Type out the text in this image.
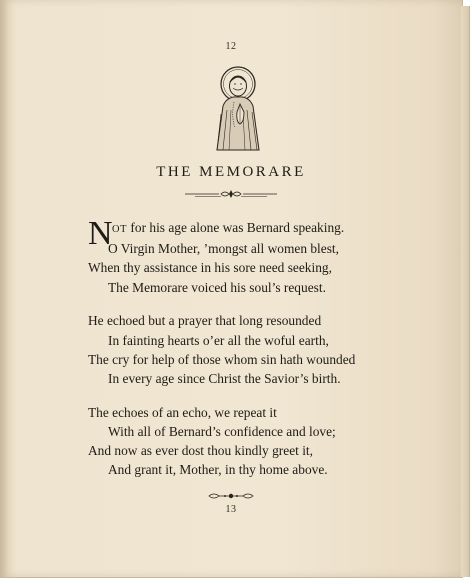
12
THE MEMORARE
N OT for his age alone was Bernard speaking.
O Virgin Mother, ’mongst all women blest,
When thy assistance in his sore need seeking,
The Memorare voiced his soul’s request.
He echoed but a prayer that long resounded
In fainting hearts o’er all the woful earth,
The cry for help of those whom sin hath wounded
In every age since Christ the Savior’s birth.
The echoes of an echo, we repeat it
With all of Bernard’s confidence and love;
And now as ever dost thou kindly greet it,
And grant it, Mother, in thy home above.
13
